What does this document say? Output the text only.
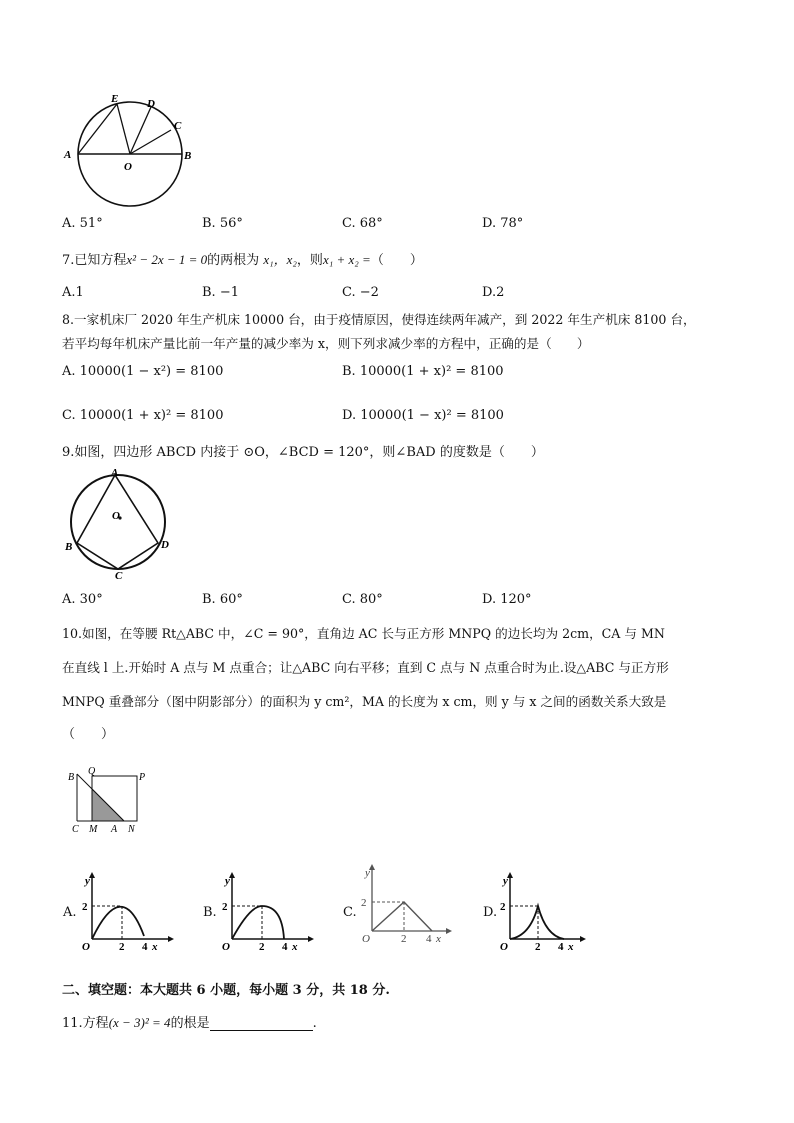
E	D
C
A
O
B
A. 51°	B. 56°	C. 68°	D. 78°
7.已知方程x² − 2x − 1 = 0的两根为 x₁，x₂，则x₁ + x₂ =（　　）
A.1	B. −1	C. −2	D.2
8.一家机床厂 2020 年生产机床 10000 台，由于疫情原因，使得连续两年减产，到 2022 年生产机床 8100 台，
若平均每年机床产量比前一年产量的减少率为 x，则下列求减少率的方程中，正确的是（　　）
A. 10000(1 − x²) = 8100	B. 10000(1 + x)² = 8100
C. 10000(1 + x)² = 8100	D. 10000(1 − x)² = 8100
9.如图，四边形 ABCD 内接于 ⊙O，∠BCD = 120°，则∠BAD 的度数是（　　）
A
O
B	D
C
A. 30°	B. 60°	C. 80°	D. 120°
10.如图，在等腰 Rt△ABC 中，∠C = 90°，直角边 AC 长与正方形 MNPQ 的边长均为 2cm，CA 与 MN
在直线 l 上.开始时 A 点与 M 点重合；让△ABC 向右平移；直到 C 点与 N 点重合时为止.设△ABC 与正方形
MNPQ 重叠部分（图中阴影部分）的面积为 y cm²，MA 的长度为 x cm，则 y 与 x 之间的函数关系大致是
（　　）
B
Q
P
C M A N
A.
y
2
O	2 4 x
B.
y
2
O	2 4 x
C.
y
2
O	2 4 x
D.
y
2
O 2 4 x
二、填空题：本大题共 6 小题，每小题 3 分，共 18 分.
11.方程(x − 3)² = 4的根是	.
